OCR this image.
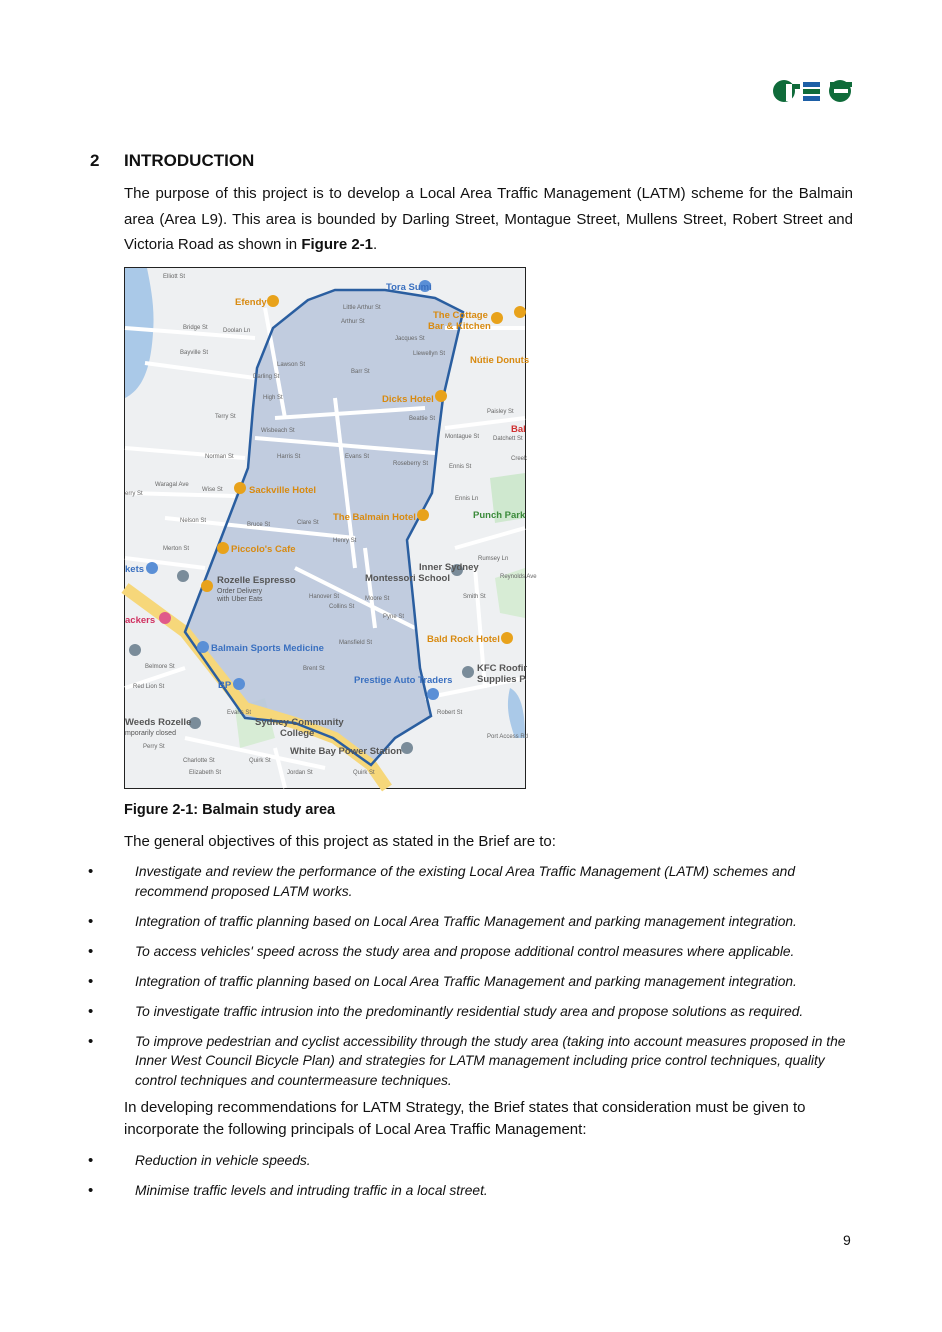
TEF
2 INTRODUCTION
The purpose of this project is to develop a Local Area Traffic Management (LATM) scheme for the Balmain area (Area L9). This area is bounded by Darling Street, Montague Street, Mullens Street, Robert Street and Victoria Road as shown in Figure 2-1.
Tora Sumi
Efendy
The Cottage
Bar & Kitchen
Nútie Donuts
Dicks Hotel
Bal
Sackville Hotel
The Balmain Hotel	Punch Park
Piccolo's Cafe
Inner Sydney
Montessori School
Rozelle Espresso
Order Delivery
with Uber Eats
kets
ackers
Bald Rock Hotel
Balmain Sports Medicine
KFC Roofir
Supplies P
Prestige Auto Traders
BP
Weeds Rozelle
mporarily closed
Sydney Community
College
White Bay Power Station
Elliott St
Little Arthur St
Arthur St
Bridge St	Doolan Ln
Bayville St
Lawson St
Barr St
Llewellyn St
High St
Beattie St
Paisley St
Wisbeach St
Terry St
Norman St	Harris St	Evans St
Roseberry St	Ennis St
Waragal Ave
Wise St
erry St
Nelson St
Bruce St	Clare St
Henry St
Merton St
Rumsey Ln
Smith St
Reynolds Ave
Hanover St
Collins St
Moore St
Pyne St
Mansfield St
Belmore St
Red Lion St
Brent St
Evans St	Robert St
Port Access Rd
Perry St
Charlotte St
Elizabeth St
Quirk St
Jordan St	Quirk St
Ennis Ln
Darling St
Montague St
Jacques St
Datchett St
Creek
Figure 2-1: Balmain study area
The general objectives of this project as stated in the Brief are to:
• Investigate and review the performance of the existing Local Area Traffic Management (LATM) schemes and recommend proposed LATM works.
• Integration of traffic planning based on Local Area Traffic Management and parking management integration.
• To access vehicles' speed across the study area and propose additional control measures where applicable.
• Integration of traffic planning based on Local Area Traffic Management and parking management integration.
• To investigate traffic intrusion into the predominantly residential study area and propose solutions as required.
• To improve pedestrian and cyclist accessibility through the study area (taking into account measures proposed in the Inner West Council Bicycle Plan) and strategies for LATM management including price control techniques, quality control techniques and countermeasure techniques.
In developing recommendations for LATM Strategy, the Brief states that consideration must be given to incorporate the following principals of Local Area Traffic Management:
• Reduction in vehicle speeds.
• Minimise traffic levels and intruding traffic in a local street.
9
